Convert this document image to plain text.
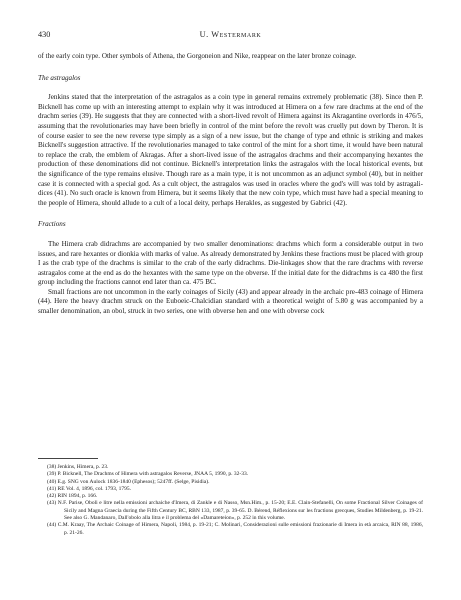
430	U. Westermark

of the early coin type. Other symbols of Athena, the Gorgoneion and Nike, reappear on the later bronze coinage.

The astragalos

Jenkins stated that the interpretation of the astragalos as a coin type in general remains extremely problematic (38). Since then P. Bicknell has come up with an interesting attempt to explain why it was introduced at Himera on a few rare drachms at the end of the drachm series (39). He suggests that they are connected with a short-lived revolt of Himera against its Akragantine overlords in 476/5, assuming that the revolutionaries may have been briefly in control of the mint before the revolt was cruelly put down by Theron. It is of course easier to see the new reverse type simply as a sign of a new issue, but the change of type and ethnic is striking and makes Bicknell's suggestion attractive. If the revolutionaries managed to take control of the mint for a short time, it would have been natural to replace the crab, the emblem of Akragas. After a short-lived issue of the astragalos drachms and their accompanying hexantes the production of these denominations did not continue. Bicknell's interpretation links the astragalos with the local historical events, but the significance of the type remains elusive. Though rare as a main type, it is not uncommon as an adjunct symbol (40), but in neither case it is connected with a special god. As a cult object, the astragalos was used in oracles where the god's will was told by astragali-dices (41). No such oracle is known from Himera, but it seems likely that the new coin type, which must have had a special meaning to the people of Himera, should allude to a cult of a local deity, perhaps Herakles, as suggested by Gabrici (42).

Fractions

The Himera crab didrachms are accompanied by two smaller denominations: drachms which form a considerable output in two issues, and rare hexantes or dionkia with marks of value. As already demonstrated by Jenkins these fractions must be placed with group I as the crab type of the drachms is similar to the crab of the early didrachms. Die-linkages show that the rare drachms with reverse astragalos come at the end as do the hexantes with the same type on the obverse. If the initial date for the didrachms is ca 480 the first group including the fractions cannot end later than ca. 475 BC.

Small fractions are not uncommon in the early coinages of Sicily (43) and appear already in the archaic pre-483 coinage of Himera (44). Here the heavy drachm struck on the Euboeic-Chalcidian standard with a theoretical weight of 5.80 g was accompanied by a smaller denomination, an obol, struck in two series, one with obverse hen and one with obverse cock

(38) Jenkins, Himera, p. 23.

(39) P. Bicknell, The Drachms of Himera with astragalos Reverse, JNAA 5, 1990, p. 32-33.

(40) E.g. SNG von Aulock 1836-1840 (Ephesos); 5247ff. (Selge, Pisidia).

(41) RE Vol. 4, 1896, col. 1793, 1795.

(42) RIN 1894, p. 166.

(43) N.F. Parise, Oboli e litre nella emissioni archaiche d'Imera, di Zankle e di Nasso, Msn.Him., p. 15-20; E.E. Clain-Stefanelli, On some Fractional Silver Coinages of Sicily and Magna Graecia during the Fifth Century BC, RBN 133, 1987, p. 39-65. D. Bérend, Réflexions sur les fractions grecques, Studies Mildenberg, p. 19-21. See also G. Mandanaro, Dall'obolo alla litra e il problema del «Damareteion», p. 252 in this volume.

(44) C.M. Kraay, The Archaic Coinage of Himera, Napoli, 1984, p. 19-21; C. Molinari, Considerazioni sulle emissioni frazionarie di Imera in età arcaica, RIN 88, 1986, p. 21-26.
